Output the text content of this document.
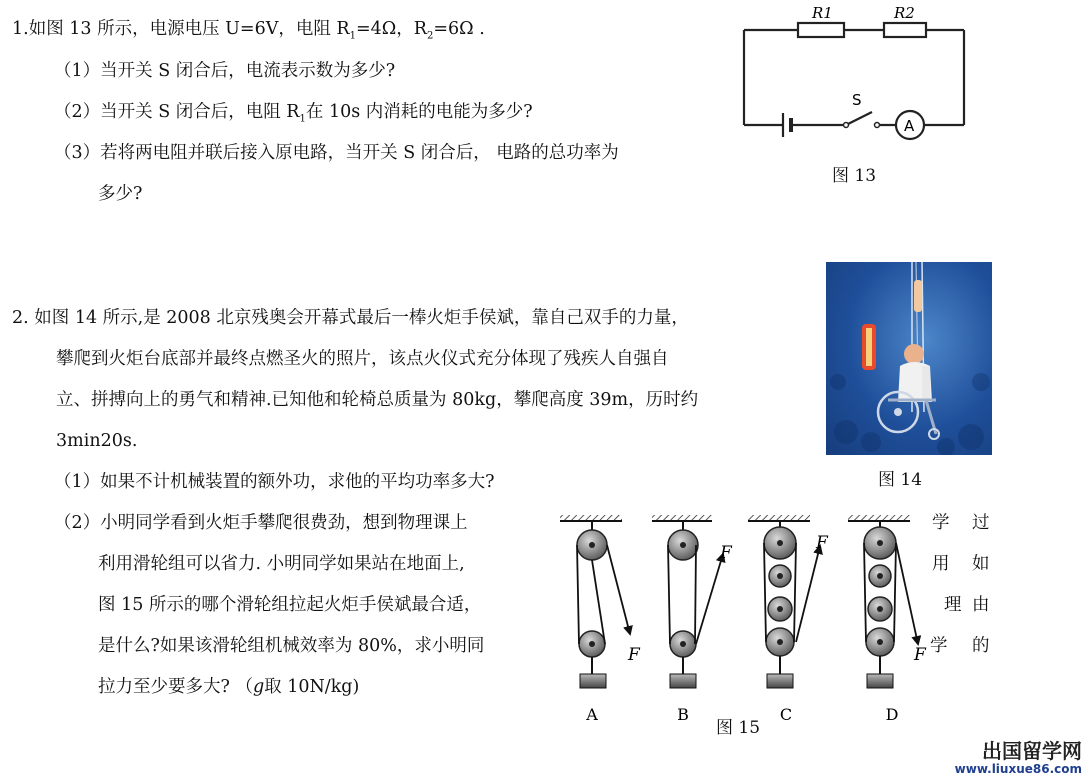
1.如图 13 所示，电源电压 U=6V，电阻 $R_1=4\Omega$，$R_2=6\Omega$ .
（1）当开关 S 闭合后，电流表示数为多少?
（2）当开关 S 闭合后，电阻 $R_1$在 10s 内消耗的电能为多少?
（3）若将两电阻并联后接入原电路，当开关 S 闭合后， 电路的总功率为
多少?
R1	R2
S
A
图 13
2. 如图 14 所示,是 2008 北京残奥会开幕式最后一棒火炬手侯斌，靠自己双手的力量，
攀爬到火炬台底部并最终点燃圣火的照片，该点火仪式充分体现了残疾人自强自
立、拼搏向上的勇气和精神.已知他和轮椅总质量为 80kg，攀爬高度 39m，历时约
3min20s.
（1）如果不计机械装置的额外功，求他的平均功率多大?
（2）小明同学看到火炬手攀爬很费劲，想到物理课上
利用滑轮组可以省力. 小明同学如果站在地面上,
图 15 所示的哪个滑轮组拉起火炬手侯斌最合适，
是什么?如果该滑轮组机械效率为 80%，求小明同
拉力至少要多大? （g取 10N/kg)
学 过
用 如
理 由
学 的
图 14
F
A
F
B
F
C
F
D
图 15
出国留学网
www.liuxue86.com
